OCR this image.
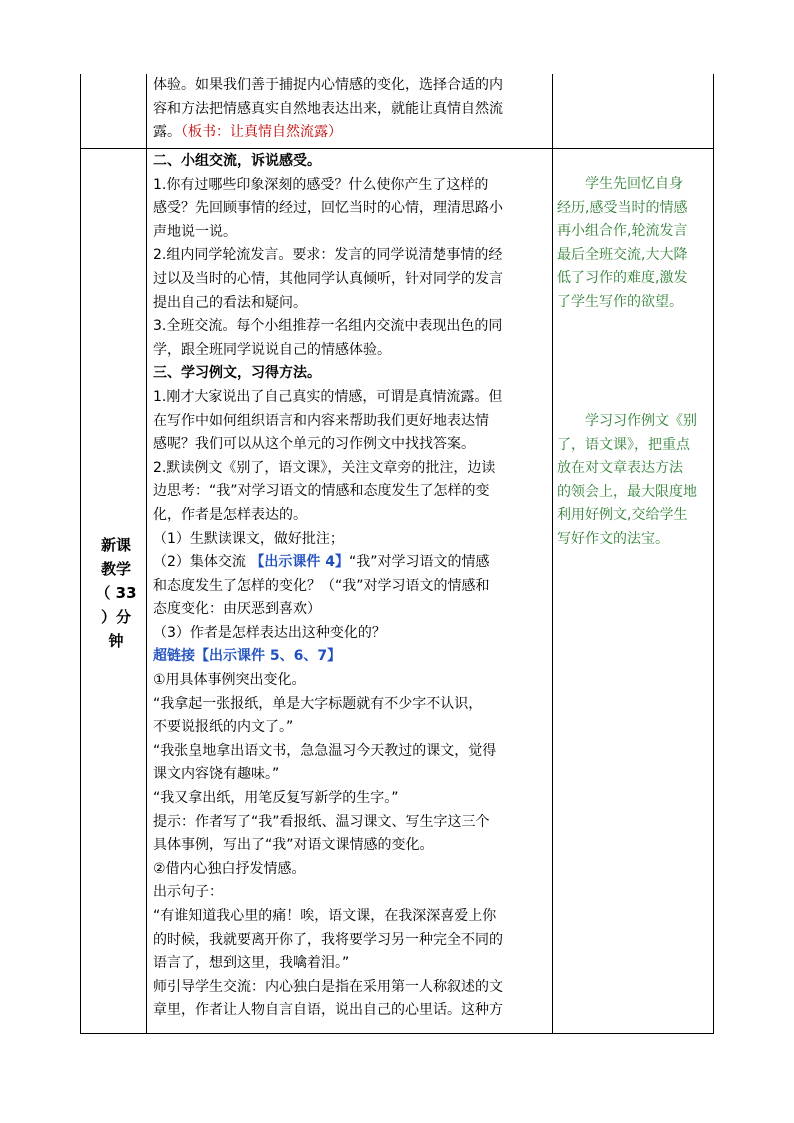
体验。如果我们善于捕捉内心情感的变化，选择合适的内
容和方法把情感真实自然地表达出来，就能让真情自然流
露。（板书：让真情自然流露）
新课
教学
（ 33
）分
钟
二、小组交流，诉说感受。
1.你有过哪些印象深刻的感受？什么使你产生了这样的
感受？先回顾事情的经过，回忆当时的心情，理清思路小
声地说一说。
2.组内同学轮流发言。要求：发言的同学说清楚事情的经
过以及当时的心情，其他同学认真倾听，针对同学的发言
提出自己的看法和疑问。
3.全班交流。每个小组推荐一名组内交流中表现出色的同
学，跟全班同学说说自己的情感体验。
三、学习例文，习得方法。
1.刚才大家说出了自己真实的情感，可谓是真情流露。但
在写作中如何组织语言和内容来帮助我们更好地表达情
感呢？我们可以从这个单元的习作例文中找找答案。
2.默读例文《别了，语文课》，关注文章旁的批注，边读
边思考：“我”对学习语文的情感和态度发生了怎样的变
化，作者是怎样表达的。
（1）生默读课文，做好批注；
（2）集体交流 【出示课件 4】“我”对学习语文的情感
和态度发生了怎样的变化？（“我”对学习语文的情感和
态度变化：由厌恶到喜欢）
（3）作者是怎样表达出这种变化的？
超链接【出示课件 5、6、7】
①用具体事例突出变化。
“我拿起一张报纸，单是大字标题就有不少字不认识，
不要说报纸的内文了。”
“我张皇地拿出语文书，急急温习今天教过的课文，觉得
课文内容饶有趣味。”
“我又拿出纸，用笔反复写新学的生字。”
提示：作者写了“我”看报纸、温习课文、写生字这三个
具体事例，写出了“我”对语文课情感的变化。
②借内心独白抒发情感。
出示句子：
“有谁知道我心里的痛！唉，语文课，在我深深喜爱上你
的时候，我就要离开你了，我将要学习另一种完全不同的
语言了，想到这里，我噙着泪。”
师引导学生交流：内心独白是指在采用第一人称叙述的文
章里，作者让人物自言自语，说出自己的心里话。这种方
学生先回忆自身
经历,感受当时的情感
再小组合作,轮流发言
最后全班交流,大大降
低了习作的难度,激发
了学生写作的欲望。
学习习作例文《别
了，语文课》，把重点
放在对文章表达方法
的领会上，最大限度地
利用好例文,交给学生
写好作文的法宝。
